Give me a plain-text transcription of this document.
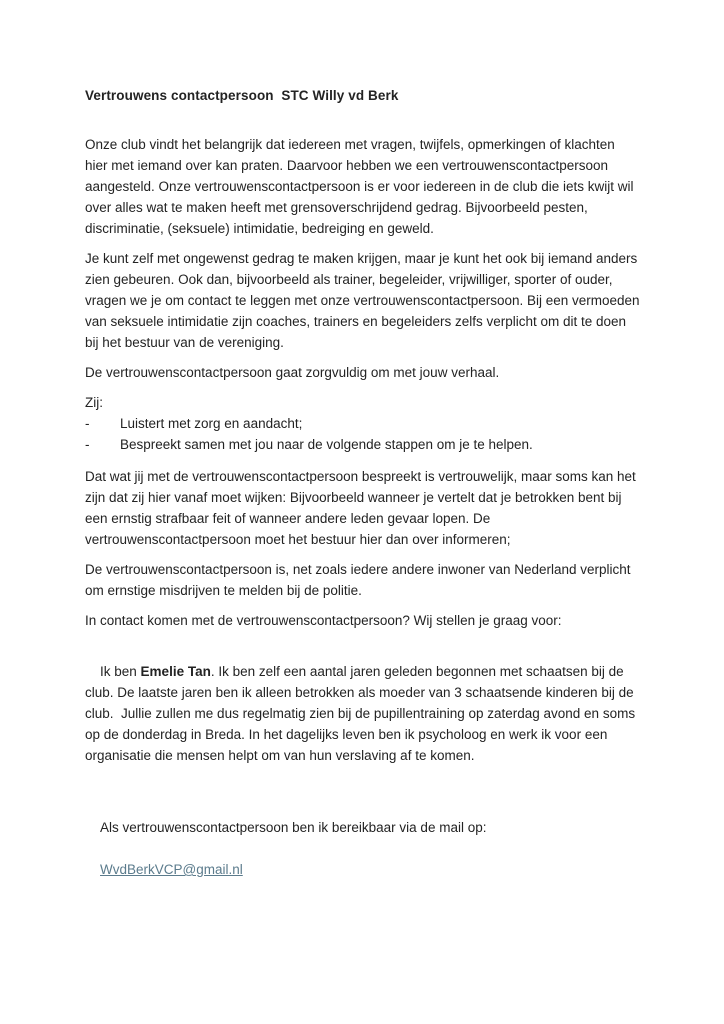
Vertrouwens contactpersoon  STC Willy vd Berk

Onze club vindt het belangrijk dat iedereen met vragen, twijfels, opmerkingen of klachten hier met iemand over kan praten. Daarvoor hebben we een vertrouwenscontactpersoon aangesteld. Onze vertrouwenscontactpersoon is er voor iedereen in de club die iets kwijt wil over alles wat te maken heeft met grensoverschrijdend gedrag. Bijvoorbeeld pesten, discriminatie, (seksuele) intimidatie, bedreiging en geweld.

Je kunt zelf met ongewenst gedrag te maken krijgen, maar je kunt het ook bij iemand anders zien gebeuren. Ook dan, bijvoorbeeld als trainer, begeleider, vrijwilliger, sporter of ouder, vragen we je om contact te leggen met onze vertrouwenscontactpersoon. Bij een vermoeden van seksuele intimidatie zijn coaches, trainers en begeleiders zelfs verplicht om dit te doen bij het bestuur van de vereniging.

De vertrouwenscontactpersoon gaat zorgvuldig om met jouw verhaal.

Zij:
-	Luistert met zorg en aandacht;
-	Bespreekt samen met jou naar de volgende stappen om je te helpen.

Dat wat jij met de vertrouwenscontactpersoon bespreekt is vertrouwelijk, maar soms kan het zijn dat zij hier vanaf moet wijken: Bijvoorbeeld wanneer je vertelt dat je betrokken bent bij een ernstig strafbaar feit of wanneer andere leden gevaar lopen. De vertrouwenscontactpersoon moet het bestuur hier dan over informeren;

De vertrouwenscontactpersoon is, net zoals iedere andere inwoner van Nederland verplicht om ernstige misdrijven te melden bij de politie.

In contact komen met de vertrouwenscontactpersoon? Wij stellen je graag voor:

Ik ben Emelie Tan. Ik ben zelf een aantal jaren geleden begonnen met schaatsen bij de club. De laatste jaren ben ik alleen betrokken als moeder van 3 schaatsende kinderen bij de club.  Jullie zullen me dus regelmatig zien bij de pupillentraining op zaterdag avond en soms op de donderdag in Breda. In het dagelijks leven ben ik psycholoog en werk ik voor een organisatie die mensen helpt om van hun verslaving af te komen.

Als vertrouwenscontactpersoon ben ik bereikbaar via de mail op:

WvdBerkVCP@gmail.nl
